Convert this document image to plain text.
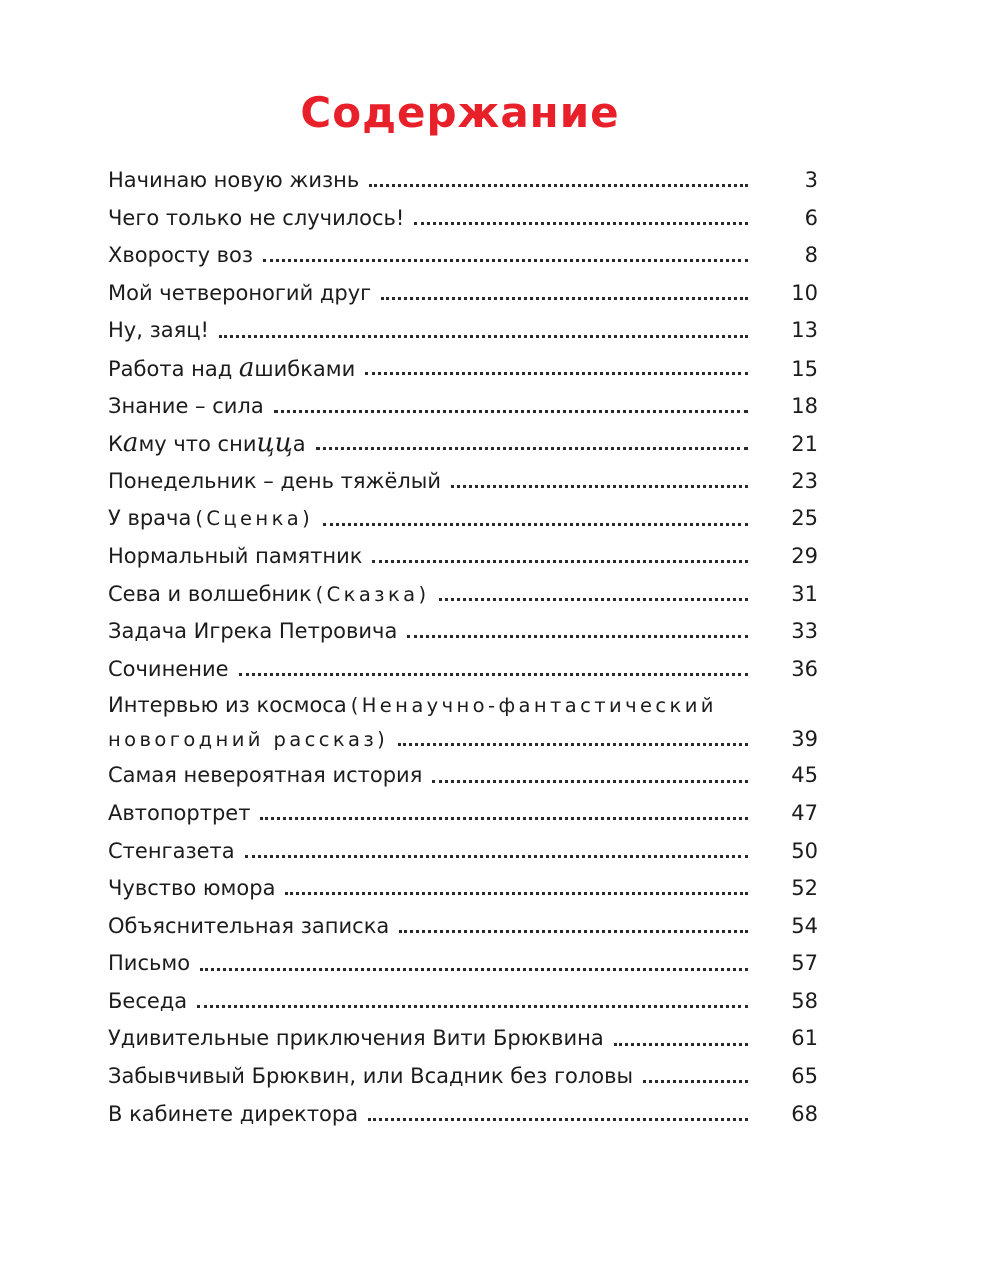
Содержание
Начинаю новую жизнь	3
Чего только не случилось!	6
Хворосту воз	8
Мой четвероногий друг	10
Ну, заяц!	13
Работа над ашибками	15
Знание – сила	18
Каму что сницца	21
Понедельник – день тяжёлый	23
У врача (Сценка)	25
Нормальный памятник	29
Сева и волшебник (Сказка)	31
Задача Игрека Петровича	33
Сочинение	36
Интервью из космоса (Ненаучно-фантастический
новогодний рассказ)	39
Самая невероятная история	45
Автопортрет	47
Стенгазета	50
Чувство юмора	52
Объяснительная записка	54
Письмо	57
Беседа	58
Удивительные приключения Вити Брюквина	61
Забывчивый Брюквин, или Всадник без головы	65
В кабинете директора	68
